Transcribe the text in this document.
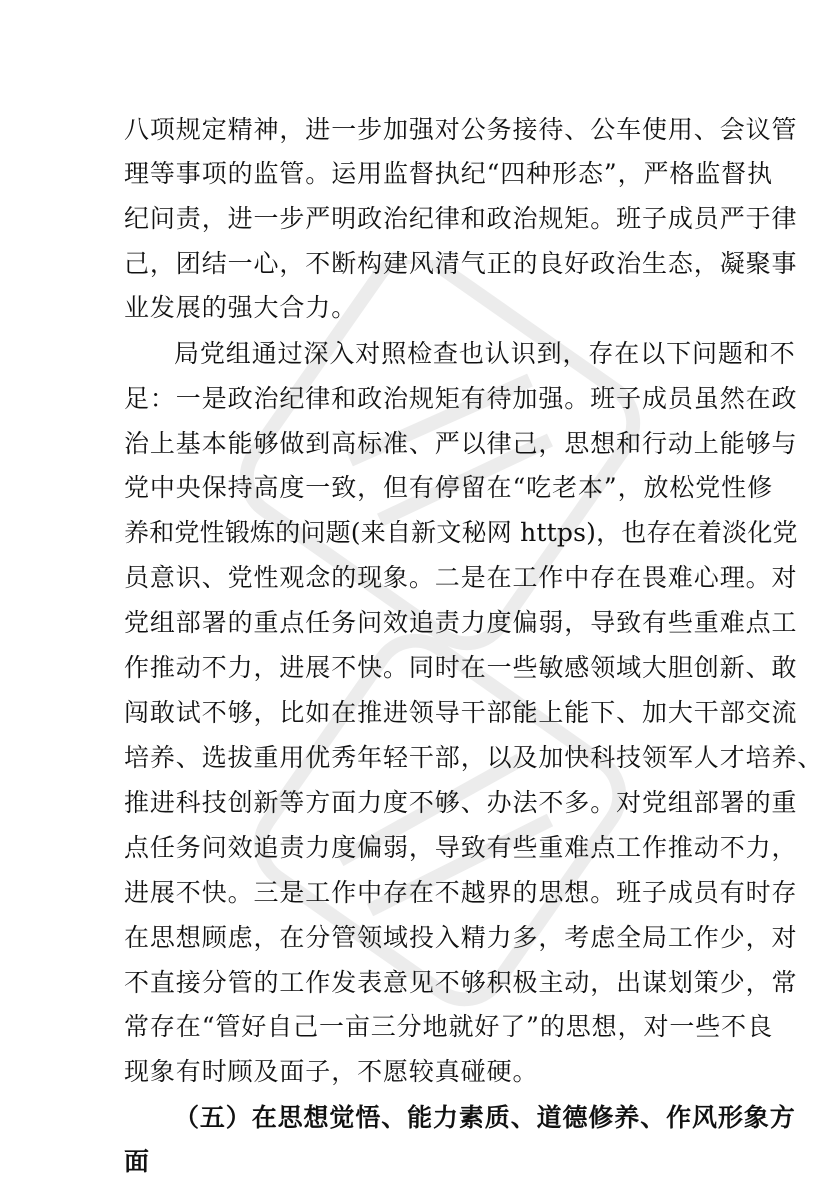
八项规定精神，进一步加强对公务接待、公车使用、会议管
理等事项的监管。运用监督执纪“四种形态”，严格监督执
纪问责，进一步严明政治纪律和政治规矩。班子成员严于律
己，团结一心，不断构建风清气正的良好政治生态，凝聚事
业发展的强大合力。
局党组通过深入对照检查也认识到，存在以下问题和不
足：一是政治纪律和政治规矩有待加强。班子成员虽然在政
治上基本能够做到高标准、严以律己，思想和行动上能够与
党中央保持高度一致，但有停留在“吃老本”，放松党性修
养和党性锻炼的问题(来自新文秘网 https)，也存在着淡化党
员意识、党性观念的现象。二是在工作中存在畏难心理。对
党组部署的重点任务问效追责力度偏弱，导致有些重难点工
作推动不力，进展不快。同时在一些敏感领域大胆创新、敢
闯敢试不够，比如在推进领导干部能上能下、加大干部交流
培养、选拔重用优秀年轻干部，以及加快科技领军人才培养、
推进科技创新等方面力度不够、办法不多。对党组部署的重
点任务问效追责力度偏弱，导致有些重难点工作推动不力，
进展不快。三是工作中存在不越界的思想。班子成员有时存
在思想顾虑，在分管领域投入精力多，考虑全局工作少，对
不直接分管的工作发表意见不够积极主动，出谋划策少，常
常存在“管好自己一亩三分地就好了”的思想，对一些不良
现象有时顾及面子，不愿较真碰硬。
（五）在思想觉悟、能力素质、道德修养、作风形象方
面
